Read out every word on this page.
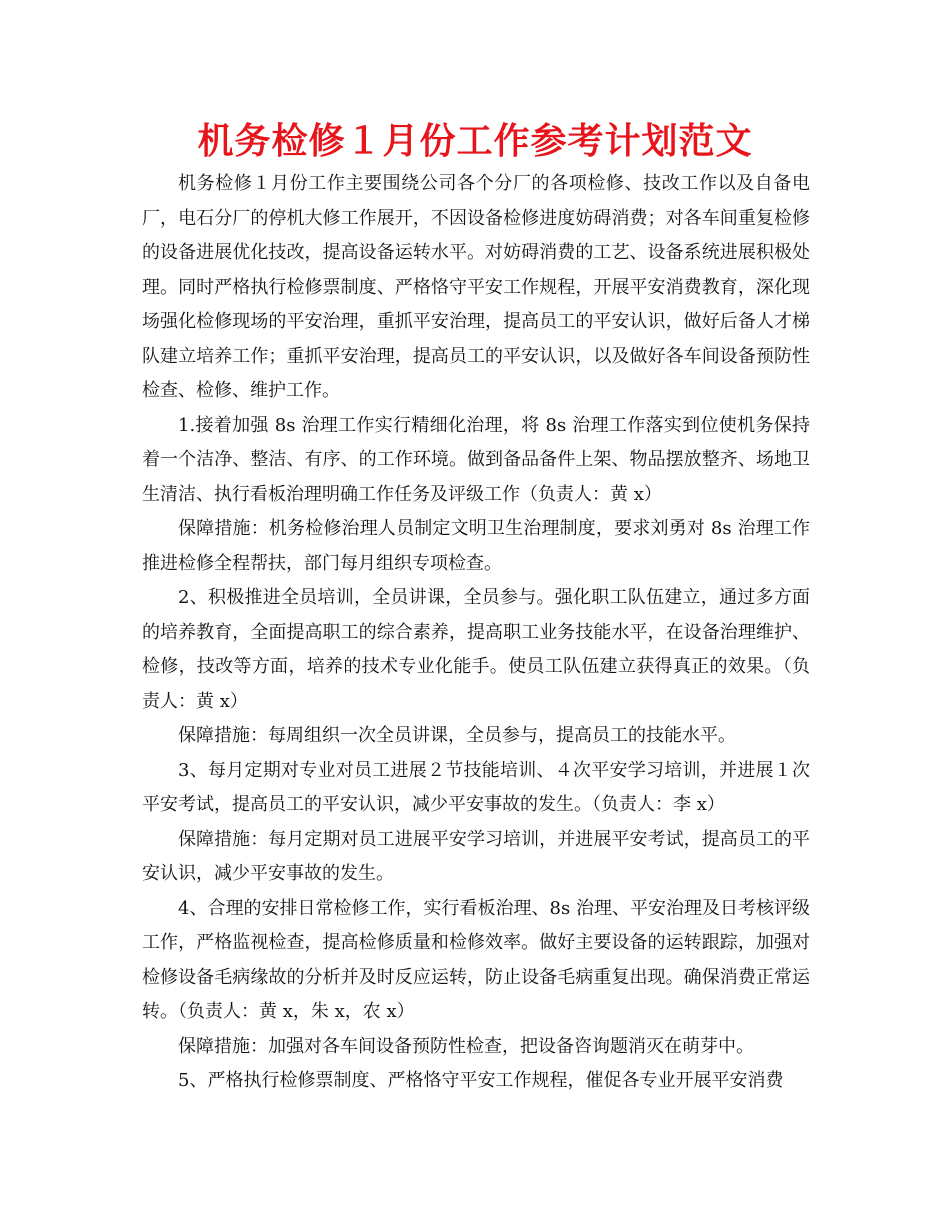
机务检修１月份工作参考计划范文

机务检修１月份工作主要围绕公司各个分厂的各项检修、技改工作以及自备电厂，电石分厂的停机大修工作展开，不因设备检修进度妨碍消费；对各车间重复检修的设备进展优化技改，提高设备运转水平。对妨碍消费的工艺、设备系统进展积极处理。同时严格执行检修票制度、严格恪守平安工作规程，开展平安消费教育，深化现场强化检修现场的平安治理，重抓平安治理，提高员工的平安认识，做好后备人才梯队建立培养工作；重抓平安治理，提高员工的平安认识，以及做好各车间设备预防性检查、检修、维护工作。

1.接着加强 8s 治理工作实行精细化治理，将 8s 治理工作落实到位使机务保持着一个洁净、整洁、有序、的工作环境。做到备品备件上架、物品摆放整齐、场地卫生清洁、执行看板治理明确工作任务及评级工作（负责人：黄 x）

保障措施：机务检修治理人员制定文明卫生治理制度，要求刘勇对 8s 治理工作推进检修全程帮扶，部门每月组织专项检查。

2、积极推进全员培训，全员讲课，全员参与。强化职工队伍建立，通过多方面的培养教育，全面提高职工的综合素养，提高职工业务技能水平，在设备治理维护、检修，技改等方面，培养的技术专业化能手。使员工队伍建立获得真正的效果。（负责人：黄 x）

保障措施：每周组织一次全员讲课，全员参与，提高员工的技能水平。

3、每月定期对专业对员工进展２节技能培训、４次平安学习培训，并进展１次平安考试，提高员工的平安认识，减少平安事故的发生。（负责人：李 x）

保障措施：每月定期对员工进展平安学习培训，并进展平安考试，提高员工的平安认识，减少平安事故的发生。

4、合理的安排日常检修工作，实行看板治理、8s 治理、平安治理及日考核评级工作，严格监视检查，提高检修质量和检修效率。做好主要设备的运转跟踪，加强对检修设备毛病缘故的分析并及时反应运转，防止设备毛病重复出现。确保消费正常运转。（负责人：黄 x，朱 x，农 x）

保障措施：加强对各车间设备预防性检查，把设备咨询题消灭在萌芽中。

5、严格执行检修票制度、严格恪守平安工作规程，催促各专业开展平安消费
